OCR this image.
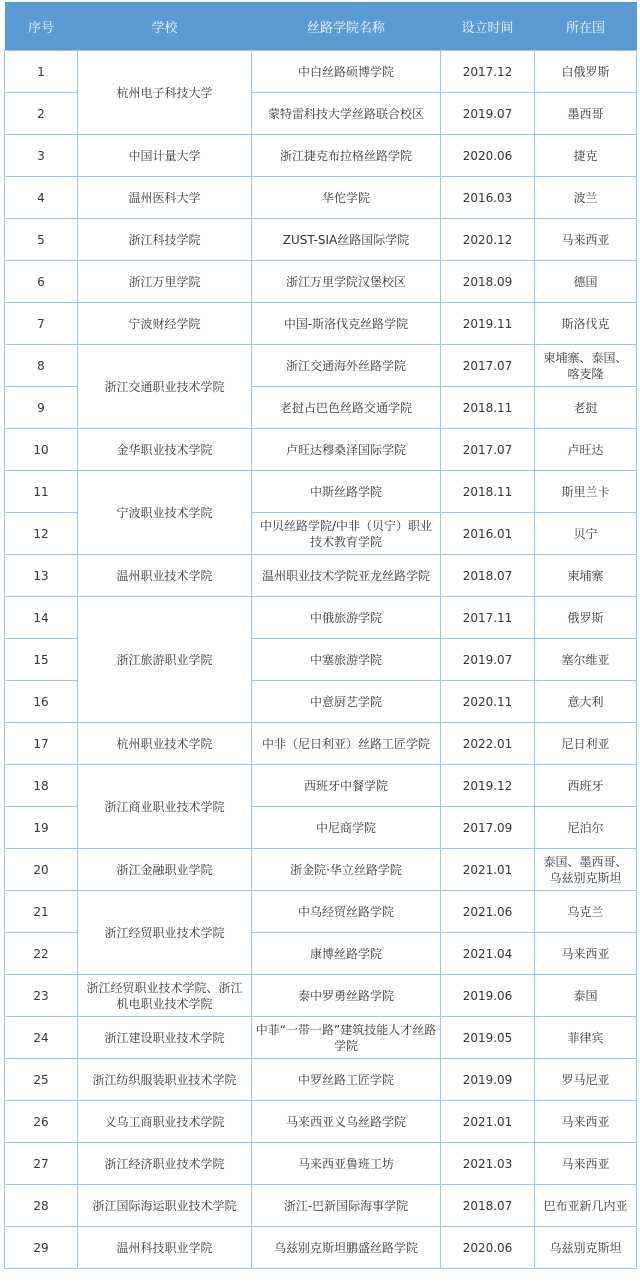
序号	学校	丝路学院名称	设立时间	所在国
1	杭州电子科技大学	中白丝路硕博学院	2017.12	白俄罗斯
2		蒙特雷科技大学丝路联合校区	2019.07	墨西哥
3	中国计量大学	浙江捷克布拉格丝路学院	2020.06	捷克
4	温州医科大学	华佗学院	2016.03	波兰
5	浙江科技学院	ZUST-SIA丝路国际学院	2020.12	马来西亚
6	浙江万里学院	浙江万里学院汉堡校区	2018.09	德国
7	宁波财经学院	中国-斯洛伐克丝路学院	2019.11	斯洛伐克
8	浙江交通职业技术学院	浙江交通海外丝路学院	2017.07	柬埔寨、泰国、喀麦隆
9		老挝占巴色丝路交通学院	2018.11	老挝
10	金华职业技术学院	卢旺达穆桑泽国际学院	2017.07	卢旺达
11	宁波职业技术学院	中斯丝路学院	2018.11	斯里兰卡
12		中贝丝路学院/中非（贝宁）职业技术教育学院	2016.01	贝宁
13	温州职业技术学院	温州职业技术学院亚龙丝路学院	2018.07	柬埔寨
14	浙江旅游职业学院	中俄旅游学院	2017.11	俄罗斯
15		中塞旅游学院	2019.07	塞尔维亚
16		中意厨艺学院	2020.11	意大利
17	杭州职业技术学院	中非（尼日利亚）丝路工匠学院	2022.01	尼日利亚
18	浙江商业职业技术学院	西班牙中餐学院	2019.12	西班牙
19		中尼商学院	2017.09	尼泊尔
20	浙江金融职业学院	浙金院·华立丝路学院	2021.01	泰国、墨西哥、乌兹别克斯坦
21	浙江经贸职业技术学院	中乌经贸丝路学院	2021.06	乌克兰
22		康博丝路学院	2021.04	马来西亚
23	浙江经贸职业技术学院、浙江机电职业技术学院	泰中罗勇丝路学院	2019.06	泰国
24	浙江建设职业技术学院	中菲“一带一路”建筑技能人才丝路学院	2019.05	菲律宾
25	浙江纺织服装职业技术学院	中罗丝路工匠学院	2019.09	罗马尼亚
26	义乌工商职业技术学院	马来西亚义乌丝路学院	2021.01	马来西亚
27	浙江经济职业技术学院	马来西亚鲁班工坊	2021.03	马来西亚
28	浙江国际海运职业技术学院	浙江-巴新国际海事学院	2018.07	巴布亚新几内亚
29	温州科技职业学院	乌兹别克斯坦鹏盛丝路学院	2020.06	乌兹别克斯坦
